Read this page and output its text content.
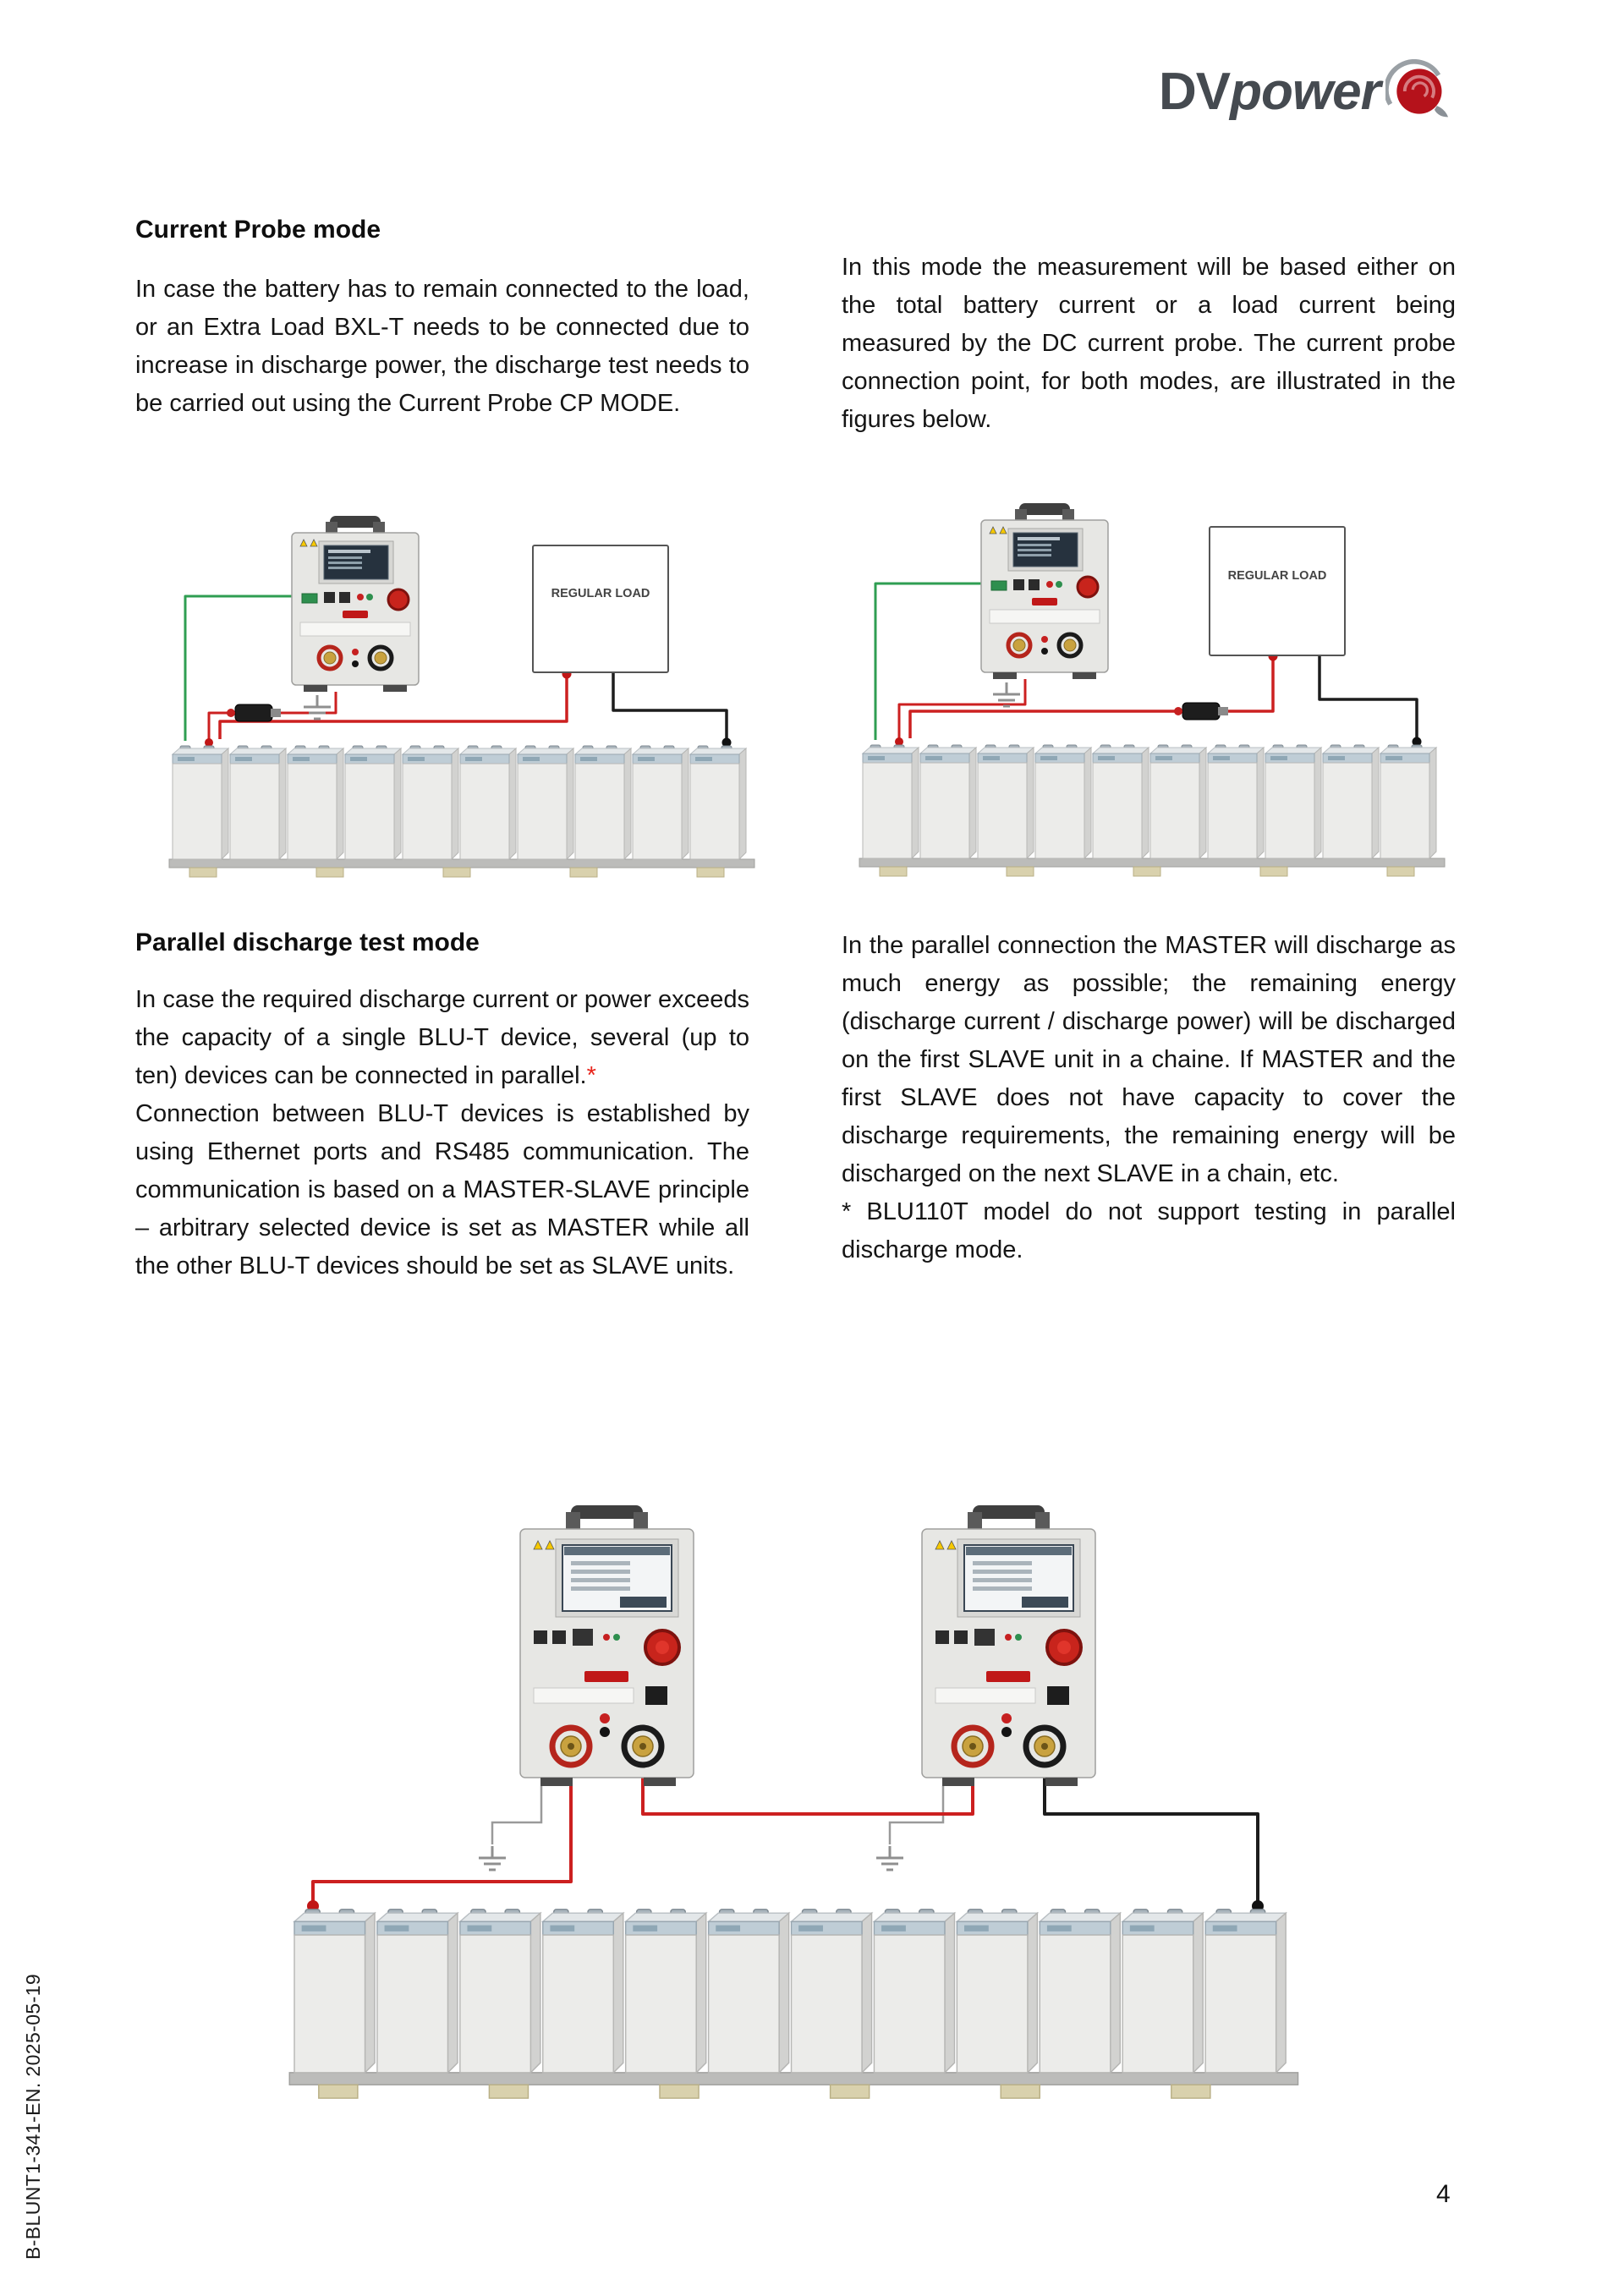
DV power
Current Probe mode

In case the battery has to remain connected to the load, or an Extra Load BXL-T needs to be connected due to increase in discharge power, the discharge test needs to be carried out using the Current Probe CP MODE.

In this mode the measurement will be based either on the total battery current or a load current being measured by the DC current probe. The current probe connection point, for both modes, are illustrated in the figures below.

REGULAR LOAD
REGULAR LOAD
Parallel discharge test mode

In case the required discharge current or power exceeds the capacity of a single BLU-T device, several (up to ten) devices can be connected in parallel.*

Connection between BLU-T devices is established by using Ethernet ports and RS485 communication. The communication is based on a MASTER-SLAVE principle – arbitrary selected device is set as MASTER while all the other BLU-T devices should be set as SLAVE units.

In the parallel connection the MASTER will discharge as much energy as possible; the remaining energy (discharge current / discharge power) will be discharged on the first SLAVE unit in a chaine. If MASTER and the first SLAVE does not have capacity to cover the discharge requirements, the remaining energy will be discharged on the next SLAVE in a chain, etc.

* BLU110T model do not support testing in parallel discharge mode.

4
B-BLUNT1-341-EN. 2025-05-19
